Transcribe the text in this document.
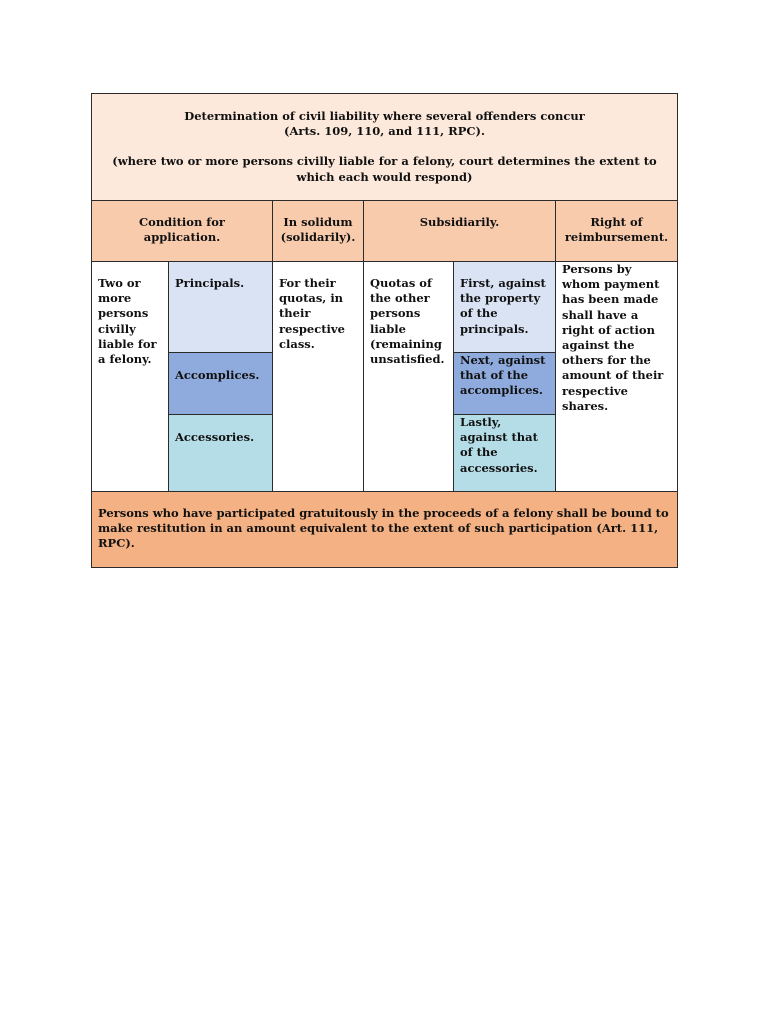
Determination of civil liability where several offenders concur
(Arts. 109, 110, and 111, RPC).
(where two or more persons civilly liable for a felony, court determines the extent to which each would respond)
Condition for
application.
In solidum
(solidarily).
Subsidiarily.	Right of
reimbursement.
Two or
more
persons
civilly
liable for
a felony.
Principals.
Accomplices.
Accessories.
For their
quotas, in
their
respective
class.
Quotas of
the other
persons
liable
(remaining
unsatisfied.
First, against
the property
of the
principals.
Next, against
that of the
accomplices.
Lastly,
against that
of the
accessories.
Persons by
whom payment
has been made
shall have a
right of action
against the
others for the
amount of their
respective
shares.
Persons who have participated gratuitously in the proceeds of a felony shall be bound to make restitution in an amount equivalent to the extent of such participation (Art. 111, RPC).
